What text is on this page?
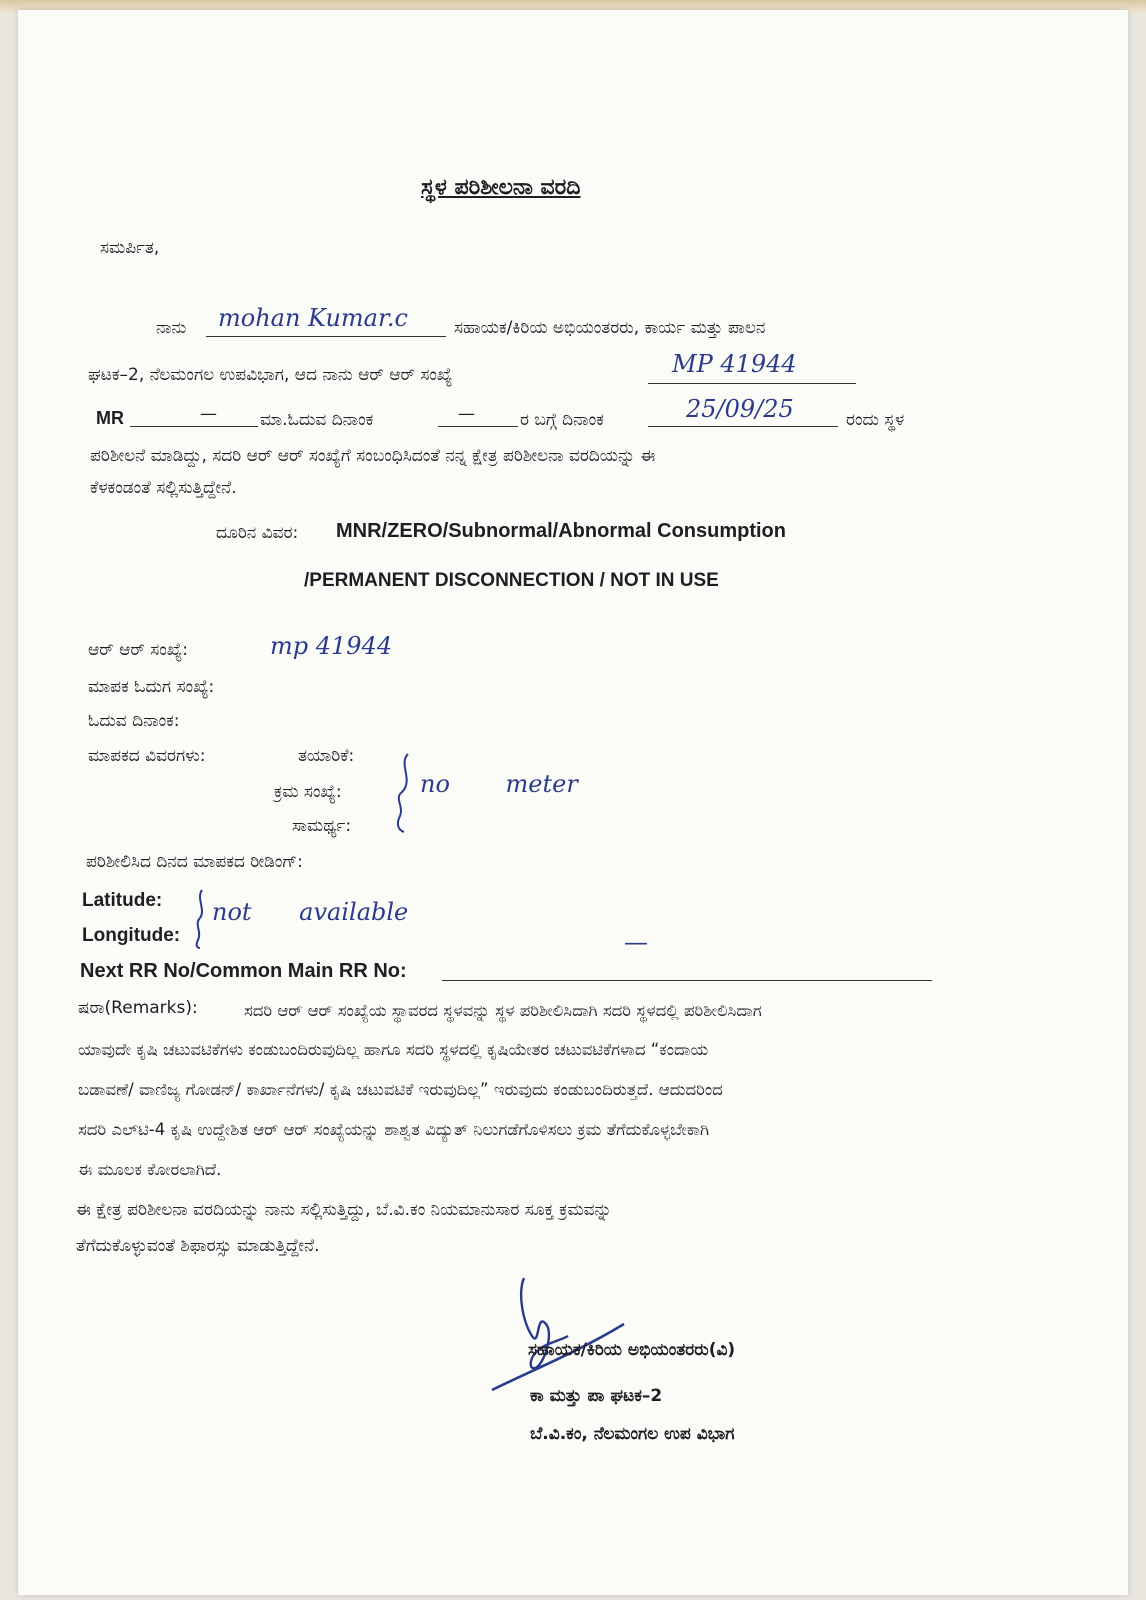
ಸ್ಥಳ ಪರಿಶೀಲನಾ ವರದಿ
ಸಮರ್ಪಿತ,
ನಾನು mohan Kumar.c	ಸಹಾಯಕ/ಕಿರಿಯ ಅಭಿಯಂತರರು, ಕಾರ್ಯ ಮತ್ತು ಪಾಲನ
ಘಟಕ–2, ನೆಲಮಂಗಲ ಉಪವಿಭಾಗ, ಆದ ನಾನು ಆರ್ ಆರ್ ಸಂಖ್ಯೆ	MP 41944
MR	—	ಮಾ.ಓದುವ ದಿನಾಂಕ	—	ರ ಬಗ್ಗೆ ದಿನಾಂಕ	25/09/25	ರಂದು ಸ್ಥಳ
ಪರಿಶೀಲನೆ ಮಾಡಿದ್ದು, ಸದರಿ ಆರ್ ಆರ್ ಸಂಖ್ಯೆಗೆ ಸಂಬಂಧಿಸಿದಂತೆ ನನ್ನ ಕ್ಷೇತ್ರ ಪರಿಶೀಲನಾ ವರದಿಯನ್ನು ಈ
ಕೆಳಕಂಡಂತೆ ಸಲ್ಲಿಸುತ್ತಿದ್ದೇನೆ.
ದೂರಿನ ವಿವರ: MNR/ZERO/Subnormal/Abnormal Consumption
/PERMANENT DISCONNECTION / NOT IN USE
ಆರ್ ಆರ್ ಸಂಖ್ಯೆ:	mp 41944
ಮಾಪಕ ಓದುಗ ಸಂಖ್ಯೆ:
ಓದುವ ದಿನಾಂಕ:
ಮಾಪಕದ ವಿವರಗಳು:	ತಯಾರಿಕೆ:
ಕ್ರಮ ಸಂಖ್ಯೆ:
ಸಾಮರ್ಥ್ಯ:
no meter
ಪರಿಶೀಲಿಸಿದ ದಿನದ ಮಾಪಕದ ರೀಡಿಂಗ್:
Latitude:
Longitude:
not available
Next RR No/Common Main RR No:
—
ಷರಾ(Remarks):	ಸದರಿ ಆರ್ ಆರ್ ಸಂಖ್ಯೆಯ ಸ್ಥಾವರದ ಸ್ಥಳವನ್ನು ಸ್ಥಳ ಪರಿಶೀಲಿಸಿದಾಗಿ ಸದರಿ ಸ್ಥಳದಲ್ಲಿ ಪರಿಶೀಲಿಸಿದಾಗ
ಯಾವುದೇ ಕೃಷಿ ಚಟುವಟಿಕೆಗಳು ಕಂಡುಬಂದಿರುವುದಿಲ್ಲ ಹಾಗೂ ಸದರಿ ಸ್ಥಳದಲ್ಲಿ ಕೃಷಿಯೇತರ ಚಟುವಟಿಕೆಗಳಾದ “ಕಂದಾಯ
ಬಡಾವಣೆ/ ವಾಣಿಜ್ಯ ಗೋಡನ್/ ಕಾರ್ಖಾನೆಗಳು/ ಕೃಷಿ ಚಟುವಟಿಕೆ ಇರುವುದಿಲ್ಲ” ಇರುವುದು ಕಂಡುಬಂದಿರುತ್ತದೆ. ಆದುದರಿಂದ
ಸದರಿ ಎಲ್‌ಟಿ-4 ಕೃಷಿ ಉದ್ದೇಶಿತ ಆರ್ ಆರ್ ಸಂಖ್ಯೆಯನ್ನು ಶಾಶ್ವತ ವಿದ್ಯುತ್ ನಿಲುಗಡೆಗೊಳಿಸಲು ಕ್ರಮ ತೆಗೆದುಕೊಳ್ಳಬೇಕಾಗಿ
ಈ ಮೂಲಕ ಕೋರಲಾಗಿದೆ.
ಈ ಕ್ಷೇತ್ರ ಪರಿಶೀಲನಾ ವರದಿಯನ್ನು ನಾನು ಸಲ್ಲಿಸುತ್ತಿದ್ದು, ಬೆ.ವಿ.ಕಂ ನಿಯಮಾನುಸಾರ ಸೂಕ್ತ ಕ್ರಮವನ್ನು
ತೆಗೆದುಕೊಳ್ಳುವಂತೆ ಶಿಫಾರಸ್ಸು ಮಾಡುತ್ತಿದ್ದೇನೆ.
ಸಹಾಯಕ/ಕಿರಿಯ ಅಭಿಯಂತರರು(ವಿ)
ಕಾ ಮತ್ತು ಪಾ ಘಟಕ–2
ಬೆ.ವಿ.ಕಂ, ನೆಲಮಂಗಲ ಉಪ ವಿಭಾಗ
